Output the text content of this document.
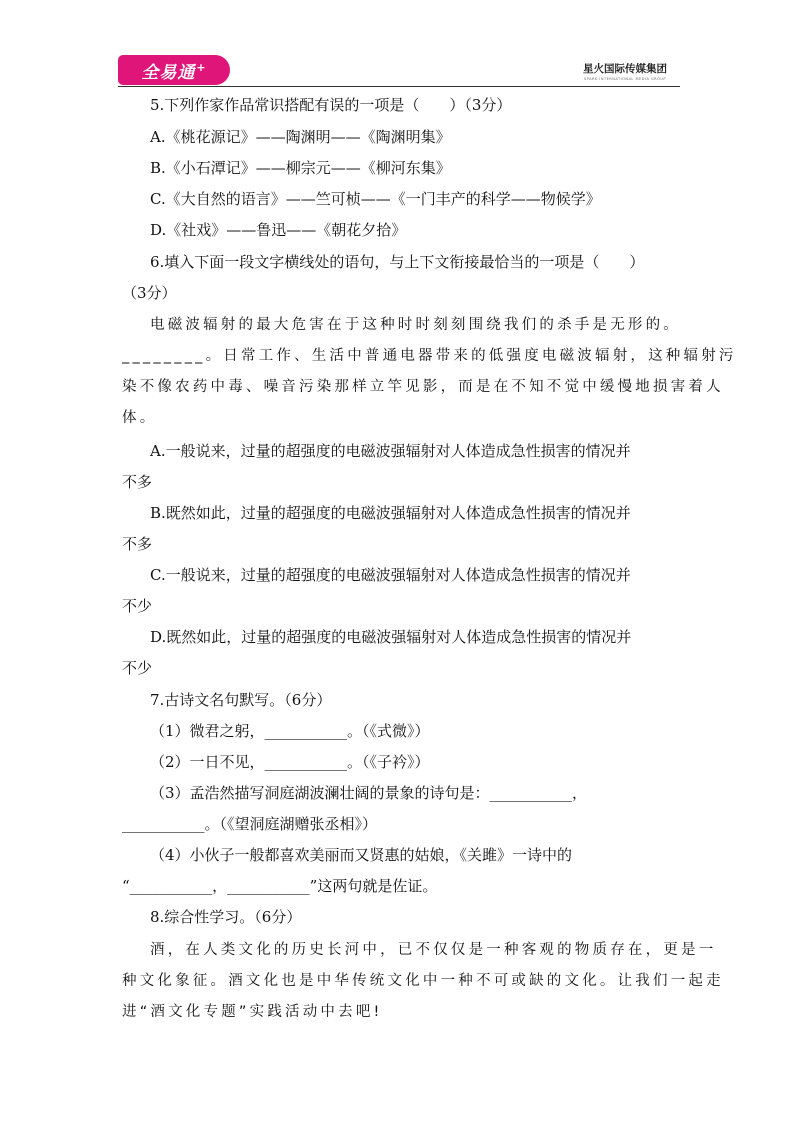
全易通+	星火国际传媒集团
SPARK INTERNATIONAL MEDIA GROUP
5.下列作家作品常识搭配有误的一项是（　　）（3分）
A.《桃花源记》——陶渊明——《陶渊明集》
B.《小石潭记》——柳宗元——《柳河东集》
C.《大自然的语言》——竺可桢——《一门丰产的科学——物候学》
D.《社戏》——鲁迅——《朝花夕拾》
6.填入下面一段文字横线处的语句，与上下文衔接最恰当的一项是（　　）
（3分）
电磁波辐射的最大危害在于这种时时刻刻围绕我们的杀手是无形的。
________。日常工作、生活中普通电器带来的低强度电磁波辐射，这种辐射污
染不像农药中毒、噪音污染那样立竿见影，而是在不知不觉中缓慢地损害着人
体。
A.一般说来，过量的超强度的电磁波强辐射对人体造成急性损害的情况并
不多
B.既然如此，过量的超强度的电磁波强辐射对人体造成急性损害的情况并
不多
C.一般说来，过量的超强度的电磁波强辐射对人体造成急性损害的情况并
不少
D.既然如此，过量的超强度的电磁波强辐射对人体造成急性损害的情况并
不少
7.古诗文名句默写。（6分）
（1）微君之躬，___________。（《式微》）
（2）一日不见，___________。（《子衿》）
（3）孟浩然描写洞庭湖波澜壮阔的景象的诗句是：___________，
___________。（《望洞庭湖赠张丞相》）
（4）小伙子一般都喜欢美丽而又贤惠的姑娘，《关雎》一诗中的
“___________，___________”这两句就是佐证。
8.综合性学习。（6分）
酒，在人类文化的历史长河中，已不仅仅是一种客观的物质存在，更是一
种文化象征。酒文化也是中华传统文化中一种不可或缺的文化。让我们一起走
进“酒文化专题”实践活动中去吧!
